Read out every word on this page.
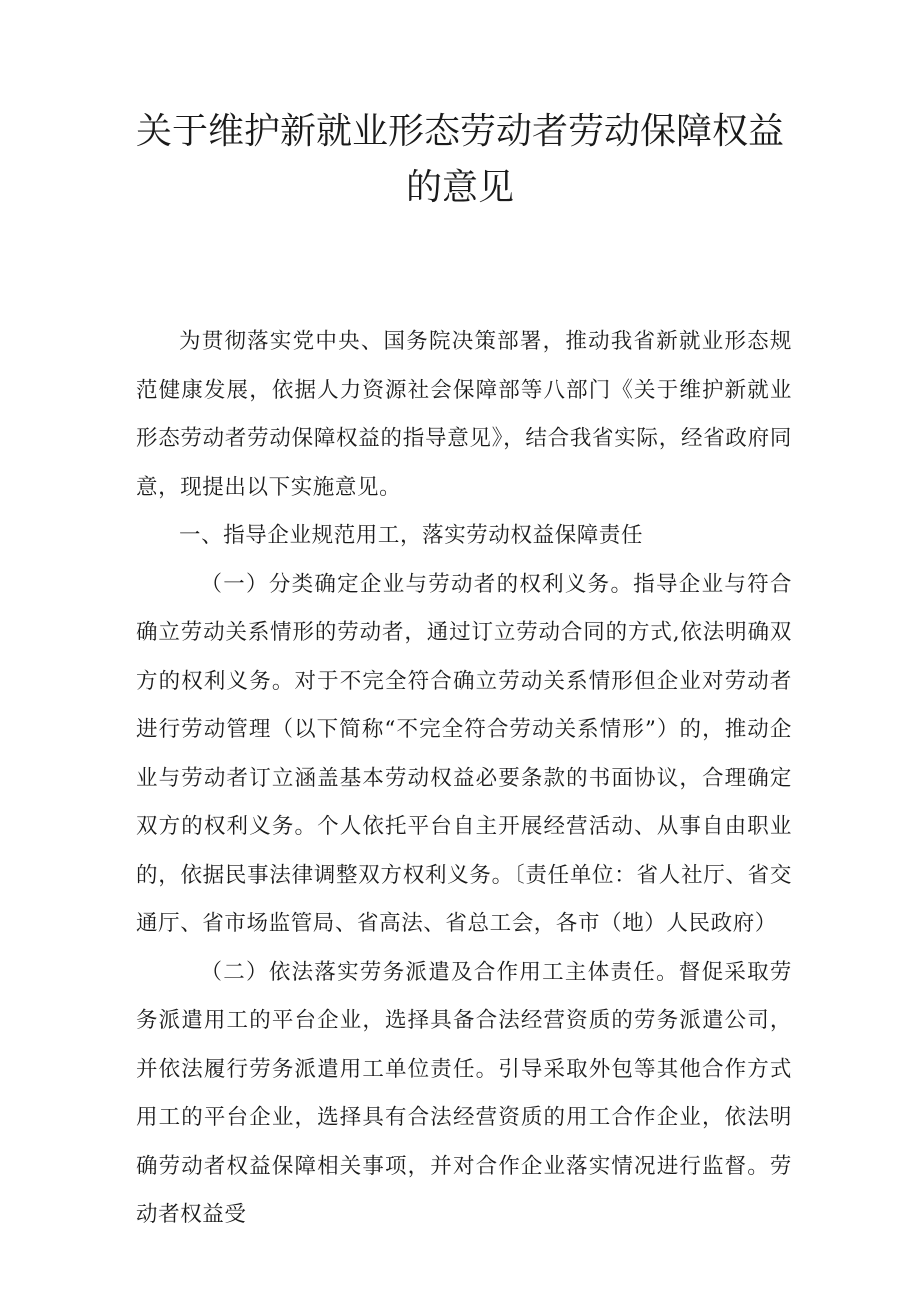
关于维护新就业形态劳动者劳动保障权益
的意见

为贯彻落实党中央、国务院决策部署，推动我省新就业形态规范健康发展，依据人力资源社会保障部等八部门《关于维护新就业形态劳动者劳动保障权益的指导意见》，结合我省实际，经省政府同意，现提出以下实施意见。

一、指导企业规范用工，落实劳动权益保障责任

（一）分类确定企业与劳动者的权利义务。指导企业与符合确立劳动关系情形的劳动者，通过订立劳动合同的方式,依法明确双方的权利义务。对于不完全符合确立劳动关系情形但企业对劳动者进行劳动管理（以下简称“不完全符合劳动关系情形”）的，推动企业与劳动者订立涵盖基本劳动权益必要条款的书面协议，合理确定双方的权利义务。个人依托平台自主开展经营活动、从事自由职业的，依据民事法律调整双方权利义务。〔责任单位：省人社厅、省交通厅、省市场监管局、省高法、省总工会，各市（地）人民政府）

（二）依法落实劳务派遣及合作用工主体责任。督促采取劳务派遣用工的平台企业，选择具备合法经营资质的劳务派遣公司，并依法履行劳务派遣用工单位责任。引导采取外包等其他合作方式用工的平台企业，选择具有合法经营资质的用工合作企业，依法明确劳动者权益保障相关事项，并对合作企业落实情况进行监督。劳动者权益受
